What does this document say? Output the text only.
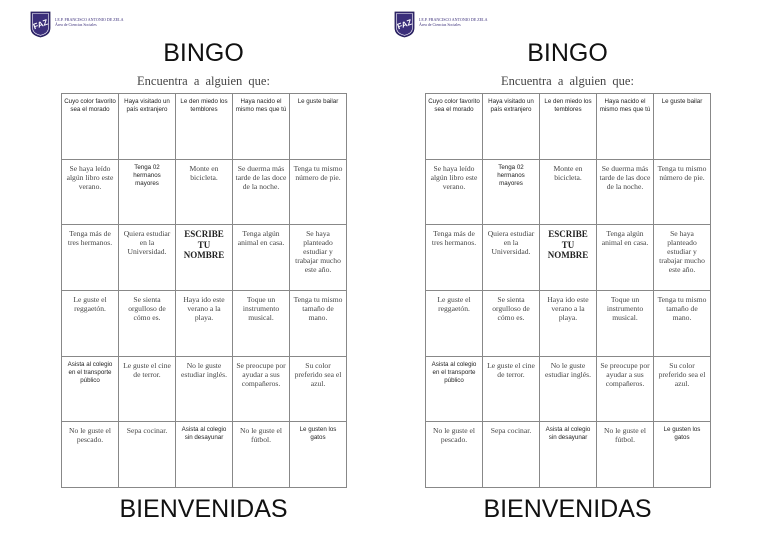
FAZ I.E.P. FRANCISCO ANTONIO DE ZELA
Área de Ciencias Sociales
BINGO
Encuentra a alguien que:
Cuyo color favorito sea el morado	Haya visitado un país extranjero	Le den miedo los temblores	Haya nacido el mismo mes que tú	Le guste bailar
Se haya leído algún libro este verano.	Tenga 02 hermanos mayores	Monte en bicicleta.	Se duerma más tarde de las doce de la noche.	Tenga tu mismo número de pie.
Tenga más de tres hermanos.	Quiera estudiar en la Universidad.	ESCRIBE TU NOMBRE	Tenga algún animal en casa.	Se haya planteado estudiar y trabajar mucho este año.
Le guste el reggaetón.	Se sienta orgulloso de cómo es.	Haya ido este verano a la playa.	Toque un instrumento musical.	Tenga tu mismo tamaño de mano.
Asista al colegio en el transporte público	Le guste el cine de terror.	No le guste estudiar inglés.	Se preocupe por ayudar a sus compañeros.	Su color preferido sea el azul.
No le guste el pescado.	Sepa cocinar.	Asista al colegio sin desayunar	No le guste el fútbol.	Le gusten los gatos
BIENVENIDAS
FAZ I.E.P. FRANCISCO ANTONIO DE ZELA
Área de Ciencias Sociales
BINGO
Encuentra a alguien que:
Cuyo color favorito sea el morado	Haya visitado un país extranjero	Le den miedo los temblores	Haya nacido el mismo mes que tú	Le guste bailar
Se haya leído algún libro este verano.	Tenga 02 hermanos mayores	Monte en bicicleta.	Se duerma más tarde de las doce de la noche.	Tenga tu mismo número de pie.
Tenga más de tres hermanos.	Quiera estudiar en la Universidad.	ESCRIBE TU NOMBRE	Tenga algún animal en casa.	Se haya planteado estudiar y trabajar mucho este año.
Le guste el reggaetón.	Se sienta orgulloso de cómo es.	Haya ido este verano a la playa.	Toque un instrumento musical.	Tenga tu mismo tamaño de mano.
Asista al colegio en el transporte público	Le guste el cine de terror.	No le guste estudiar inglés.	Se preocupe por ayudar a sus compañeros.	Su color preferido sea el azul.
No le guste el pescado.	Sepa cocinar.	Asista al colegio sin desayunar	No le guste el fútbol.	Le gusten los gatos
BIENVENIDAS
